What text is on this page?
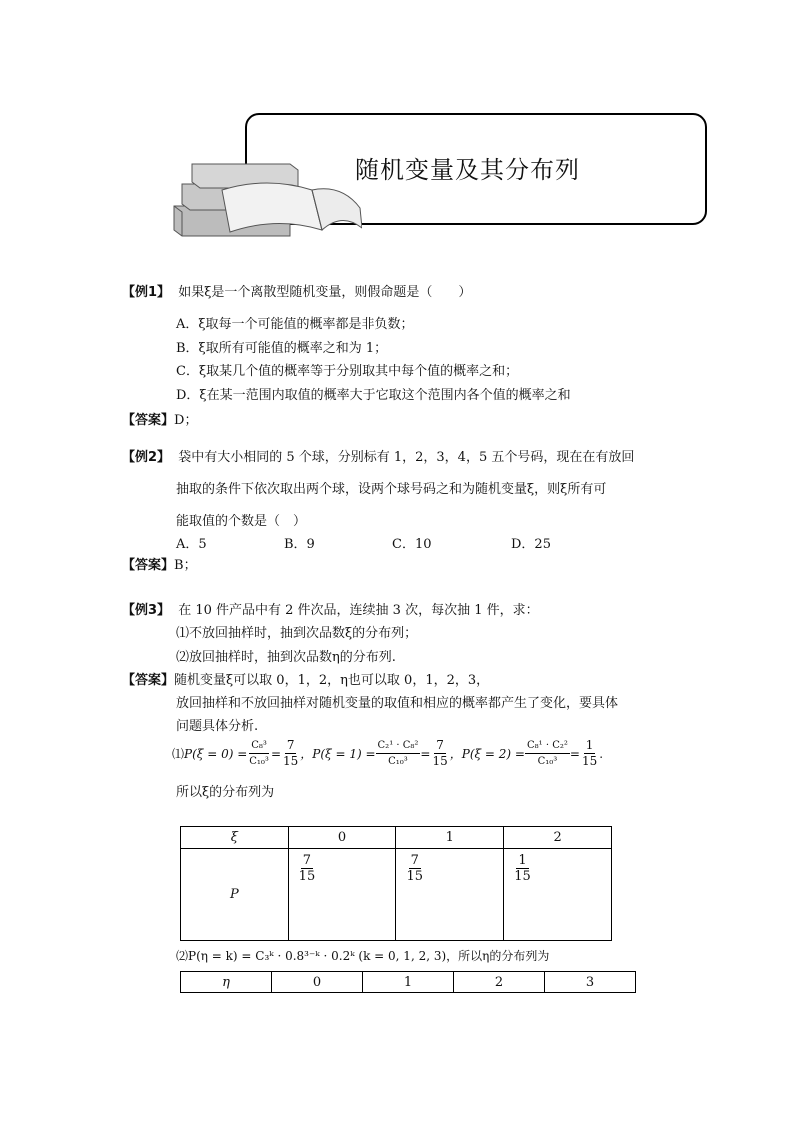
随机变量及其分布列
【例1】 如果ξ是一个离散型随机变量，则假命题是（　　）
A．ξ取每一个可能值的概率都是非负数；
B．ξ取所有可能值的概率之和为 1；
C．ξ取某几个值的概率等于分别取其中每个值的概率之和；
D．ξ在某一范围内取值的概率大于它取这个范围内各个值的概率之和
【答案】D；
【例2】 袋中有大小相同的 5 个球，分别标有 1，2，3，4，5 五个号码，现在在有放回
抽取的条件下依次取出两个球，设两个球号码之和为随机变量ξ，则ξ所有可
能取值的个数是（　）
A．5	B．9	C．10	D．25
【答案】B；
【例3】 在 10 件产品中有 2 件次品，连续抽 3 次，每次抽 1 件，求：
⑴不放回抽样时，抽到次品数ξ的分布列；
⑵放回抽样时，抽到次品数η的分布列.
【答案】随机变量ξ可以取 0，1，2，η也可以取 0，1，2，3，
放回抽样和不放回抽样对随机变量的取值和相应的概率都产生了变化，要具体
问题具体分析.
⑴ $P(\xi = 0) = \frac{\text{C₈³}}{\text{C₁₀³}} = \frac{7}{15}$ ，$P(\xi = 1) = \frac{\text{C₂¹ · C₈²}}{\text{C₁₀³}} = \frac{7}{15}$ ，$P(\xi = 2) = \frac{\text{C₈¹ · C₂²}}{\text{C₁₀³}} = \frac{1}{15}$ .
所以ξ的分布列为
ξ	0	1	2
P	$\frac{7}{15}$	$\frac{7}{15}$	$\frac{1}{15}$
⑵P(η = k) = C₃ᵏ · 0.8³⁻ᵏ · 0.2ᵏ (k = 0, 1, 2, 3)，所以η的分布列为
η	0	1	2	3
